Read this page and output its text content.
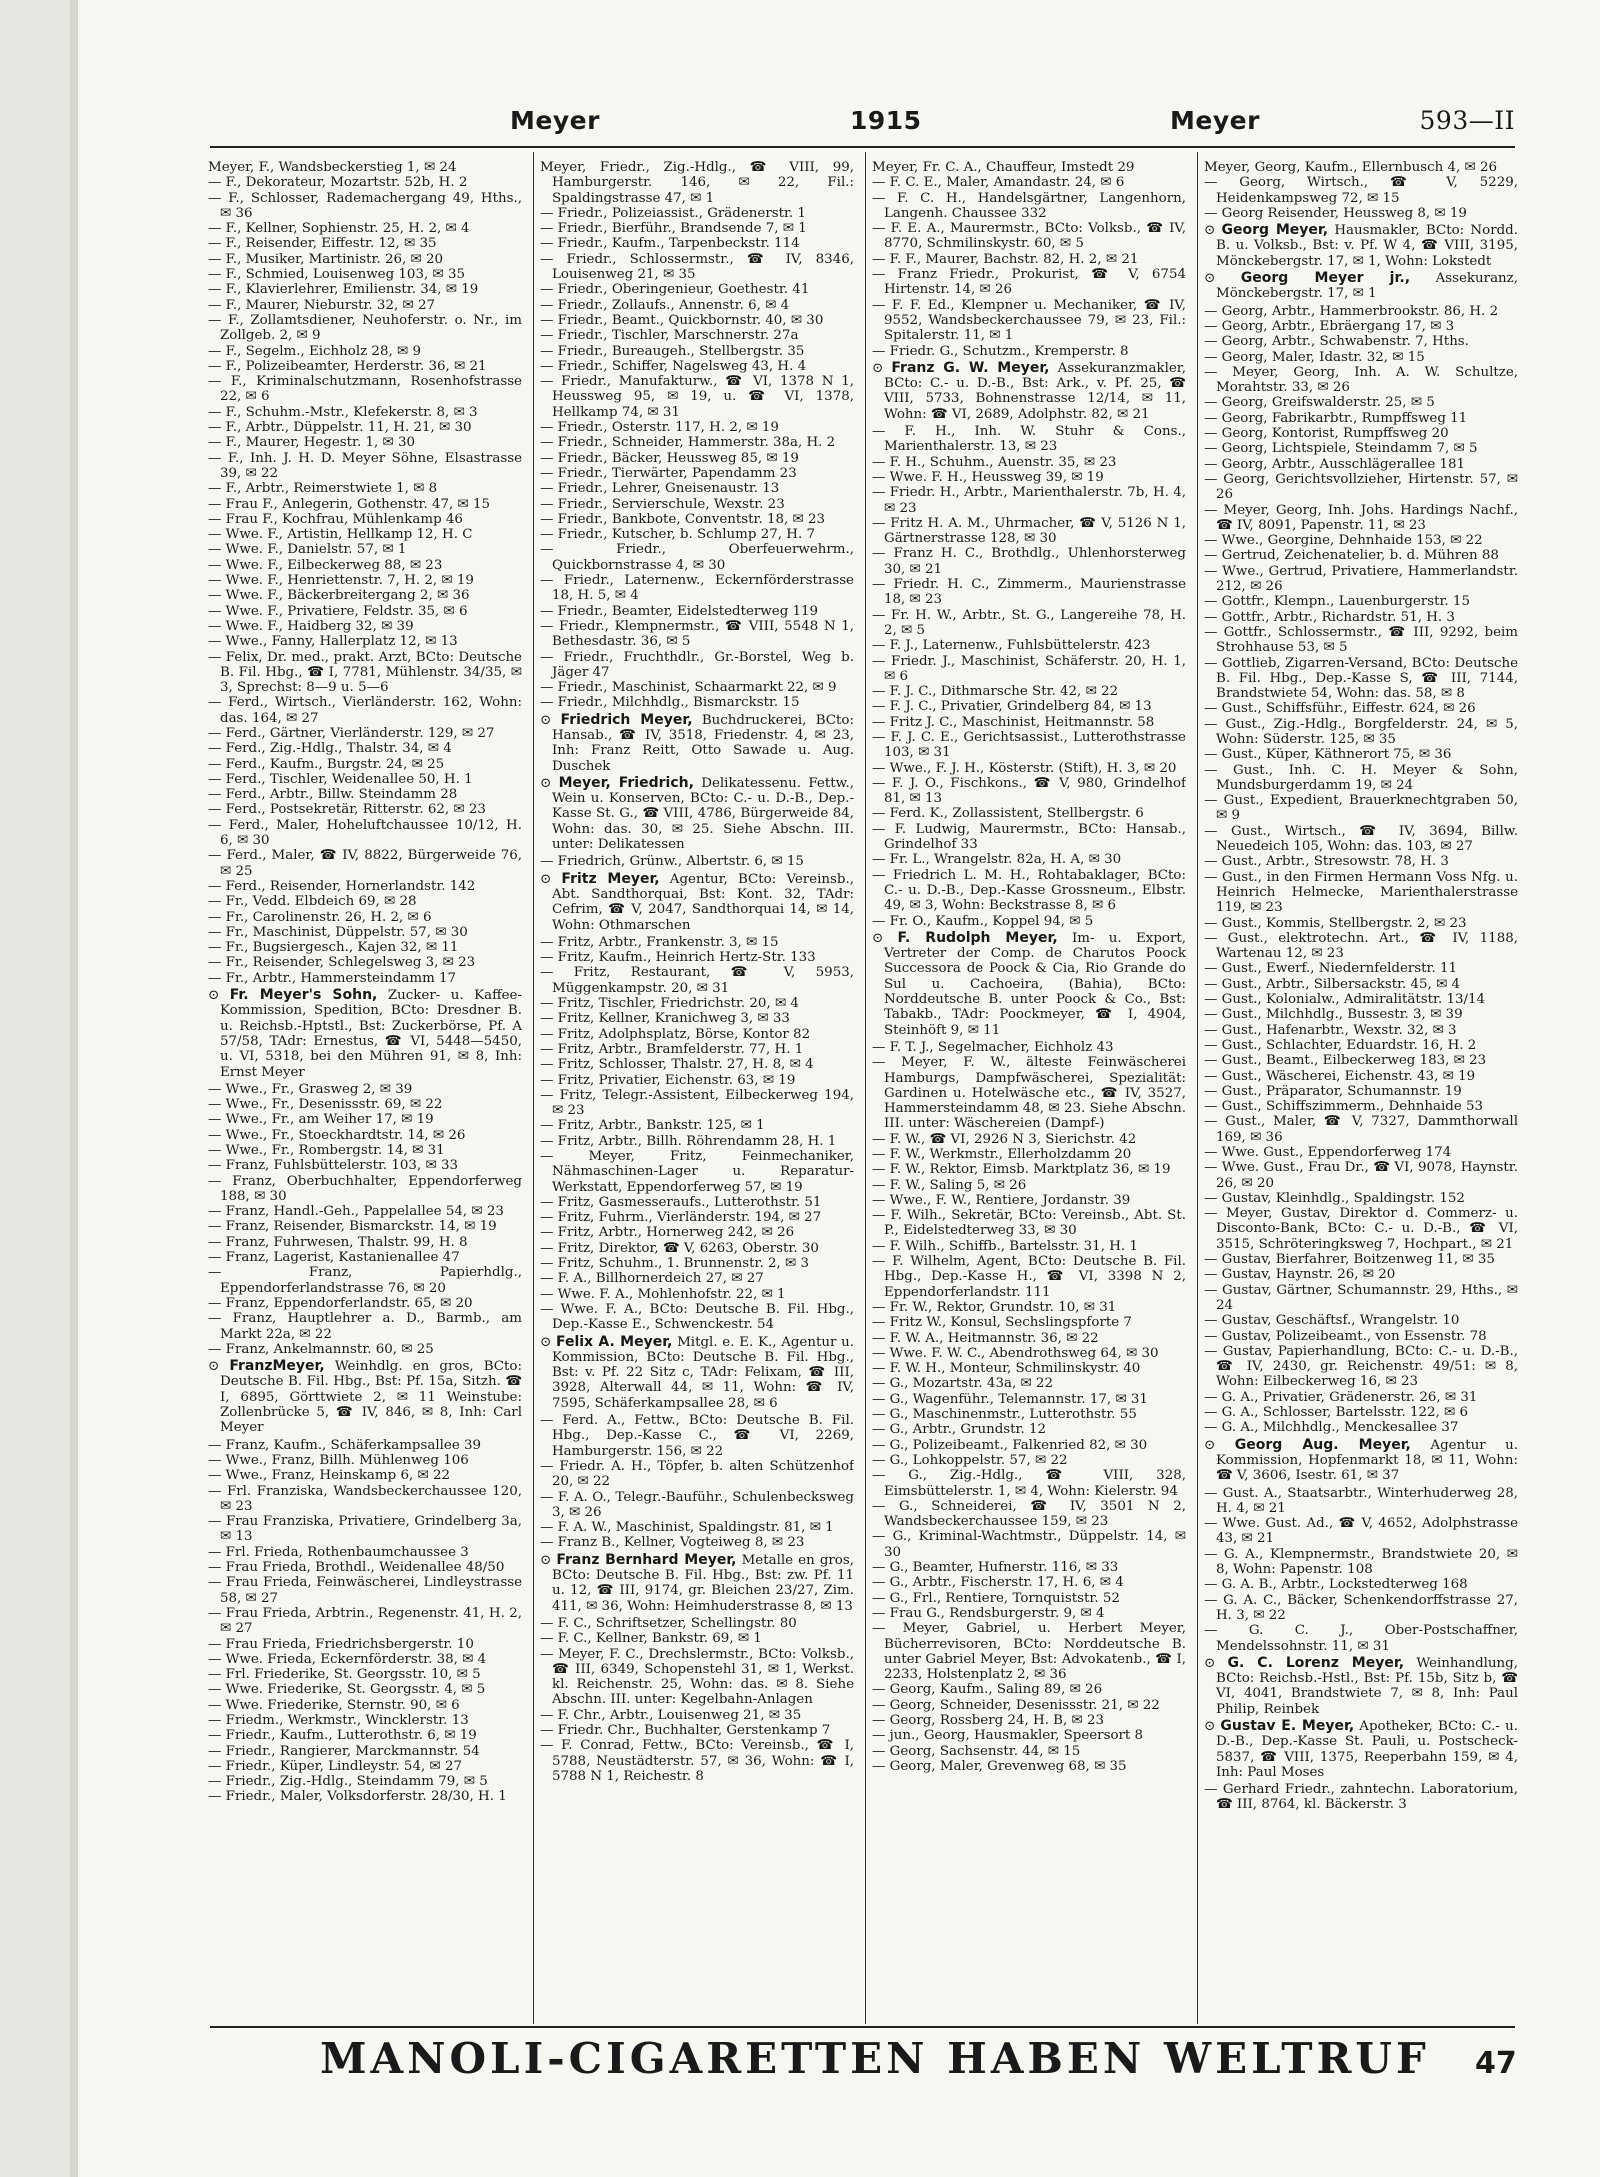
Meyer	1915	Meyer	593—II

Meyer, F., Wandsbeckerstieg 1, ✉ 24

— F., Dekorateur, Mozartstr. 52b, H. 2

— F., Schlosser, Rademachergang 49, Hths., ✉ 36

— F., Kellner, Sophienstr. 25, H. 2, ✉ 4

— F., Reisender, Eiffestr. 12, ✉ 35

— F., Musiker, Martinistr. 26, ✉ 20

— F., Schmied, Louisenweg 103, ✉ 35

— F., Klavierlehrer, Emilienstr. 34, ✉ 19

— F., Maurer, Nieburstr. 32, ✉ 27

— F., Zollamtsdiener, Neuhoferstr. o. Nr., im Zollgeb. 2, ✉ 9

— F., Segelm., Eichholz 28, ✉ 9

— F., Polizeibeamter, Herderstr. 36, ✉ 21

— F., Kriminalschutzmann, Rosenhofstrasse 22, ✉ 6

— F., Schuhm.-Mstr., Klefekerstr. 8, ✉ 3

— F., Arbtr., Düppelstr. 11, H. 21, ✉ 30

— F., Maurer, Hegestr. 1, ✉ 30

— F., Inh. J. H. D. Meyer Söhne, Elsastrasse 39, ✉ 22

— F., Arbtr., Reimerstwiete 1, ✉ 8

— Frau F., Anlegerin, Gothenstr. 47, ✉ 15

— Frau F., Kochfrau, Mühlenkamp 46

— Wwe. F., Artistin, Hellkamp 12, H. C

— Wwe. F., Danielstr. 57, ✉ 1

— Wwe. F., Eilbeckerweg 88, ✉ 23

— Wwe. F., Henriettenstr. 7, H. 2, ✉ 19

— Wwe. F., Bäckerbreitergang 2, ✉ 36

— Wwe. F., Privatiere, Feldstr. 35, ✉ 6

— Wwe. F., Haidberg 32, ✉ 39

— Wwe., Fanny, Hallerplatz 12, ✉ 13

— Felix, Dr. med., prakt. Arzt, BCto: Deutsche B. Fil. Hbg., ☎ I, 7781, Mühlenstr. 34/35, ✉ 3, Sprechst: 8—9 u. 5—6

— Ferd., Wirtsch., Vierländerstr. 162, Wohn: das. 164, ✉ 27

— Ferd., Gärtner, Vierländerstr. 129, ✉ 27

— Ferd., Zig.-Hdlg., Thalstr. 34, ✉ 4

— Ferd., Kaufm., Burgstr. 24, ✉ 25

— Ferd., Tischler, Weidenallee 50, H. 1

— Ferd., Arbtr., Billw. Steindamm 28

— Ferd., Postsekretär, Ritterstr. 62, ✉ 23

— Ferd., Maler, Hoheluftchaussee 10/12, H. 6, ✉ 30

— Ferd., Maler, ☎ IV, 8822, Bürgerweide 76, ✉ 25

— Ferd., Reisender, Hornerlandstr. 142

— Fr., Vedd. Elbdeich 69, ✉ 28

— Fr., Carolinenstr. 26, H. 2, ✉ 6

— Fr., Maschinist, Düppelstr. 57, ✉ 30

— Fr., Bugsiergesch., Kajen 32, ✉ 11

— Fr., Reisender, Schlegelsweg 3, ✉ 23

— Fr., Arbtr., Hammersteindamm 17

⊙ Fr. Meyer's Sohn, Zucker- u. Kaffee-Kommission, Spedition, BCto: Dresdner B. u. Reichsb.-Hptstl., Bst: Zuckerbörse, Pf. A 57/58, TAdr: Ernestus, ☎ VI, 5448—5450, u. VI, 5318, bei den Mühren 91, ✉ 8, Inh: Ernst Meyer

— Wwe., Fr., Grasweg 2, ✉ 39

— Wwe., Fr., Desenissstr. 69, ✉ 22

— Wwe., Fr., am Weiher 17, ✉ 19

— Wwe., Fr., Stoeckhardtstr. 14, ✉ 26

— Wwe., Fr., Rombergstr. 14, ✉ 31

— Franz, Fuhlsbüttelerstr. 103, ✉ 33

— Franz, Oberbuchhalter, Eppendorferweg 188, ✉ 30

— Franz, Handl.-Geh., Pappelallee 54, ✉ 23

— Franz, Reisender, Bismarckstr. 14, ✉ 19

— Franz, Fuhrwesen, Thalstr. 99, H. 8

— Franz, Lagerist, Kastanienallee 47

— Franz, Papierhdlg., Eppendorferlandstrasse 76, ✉ 20

— Franz, Eppendorferlandstr. 65, ✉ 20

— Franz, Hauptlehrer a. D., Barmb., am Markt 22a, ✉ 22

— Franz, Ankelmannstr. 60, ✉ 25

⊙ FranzMeyer, Weinhdlg. en gros, BCto: Deutsche B. Fil. Hbg., Bst: Pf. 15a, Sitzh. ☎ I, 6895, Görttwiete 2, ✉ 11 Weinstube: Zollenbrücke 5, ☎ IV, 846, ✉ 8, Inh: Carl Meyer

— Franz, Kaufm., Schäferkampsallee 39

— Wwe., Franz, Billh. Mühlenweg 106

— Wwe., Franz, Heinskamp 6, ✉ 22

— Frl. Franziska, Wandsbeckerchaussee 120, ✉ 23

— Frau Franziska, Privatiere, Grindelberg 3a, ✉ 13

— Frl. Frieda, Rothenbaumchaussee 3

— Frau Frieda, Brothdl., Weidenallee 48/50

— Frau Frieda, Feinwäscherei, Lindleystrasse 58, ✉ 27

— Frau Frieda, Arbtrin., Regenenstr. 41, H. 2, ✉ 27

— Frau Frieda, Friedrichsbergerstr. 10

— Wwe. Frieda, Eckernförderstr. 38, ✉ 4

— Frl. Friederike, St. Georgsstr. 10, ✉ 5

— Wwe. Friederike, St. Georgsstr. 4, ✉ 5

— Wwe. Friederike, Sternstr. 90, ✉ 6

— Friedm., Werkmstr., Wincklerstr. 13

— Friedr., Kaufm., Lutterothstr. 6, ✉ 19

— Friedr., Rangierer, Marckmannstr. 54

— Friedr., Küper, Lindleystr. 54, ✉ 27

— Friedr., Zig.-Hdlg., Steindamm 79, ✉ 5

— Friedr., Maler, Volksdorferstr. 28/30, H. 1

Meyer, Friedr., Zig.-Hdlg., ☎ VIII, 99, Hamburgerstr. 146, ✉ 22, Fil.: Spaldingstrasse 47, ✉ 1

— Friedr., Polizeiassist., Grädenerstr. 1

— Friedr., Bierführ., Brandsende 7, ✉ 1

— Friedr., Kaufm., Tarpenbeckstr. 114

— Friedr., Schlossermstr., ☎ IV, 8346, Louisenweg 21, ✉ 35

— Friedr., Oberingenieur, Goethestr. 41

— Friedr., Zollaufs., Annenstr. 6, ✉ 4

— Friedr., Beamt., Quickbornstr. 40, ✉ 30

— Friedr., Tischler, Marschnerstr. 27a

— Friedr., Bureaugeh., Stellbergstr. 35

— Friedr., Schiffer, Nagelsweg 43, H. 4

— Friedr., Manufakturw., ☎ VI, 1378 N 1, Heussweg 95, ✉ 19, u. ☎ VI, 1378, Hellkamp 74, ✉ 31

— Friedr., Osterstr. 117, H. 2, ✉ 19

— Friedr., Schneider, Hammerstr. 38a, H. 2

— Friedr., Bäcker, Heussweg 85, ✉ 19

— Friedr., Tierwärter, Papendamm 23

— Friedr., Lehrer, Gneisenaustr. 13

— Friedr., Servierschule, Wexstr. 23

— Friedr., Bankbote, Conventstr. 18, ✉ 23

— Friedr., Kutscher, b. Schlump 27, H. 7

— Friedr., Oberfeuerwehrm., Quickbornstrasse 4, ✉ 30

— Friedr., Laternenw., Eckernförderstrasse 18, H. 5, ✉ 4

— Friedr., Beamter, Eidelstedterweg 119

— Friedr., Klempnermstr., ☎ VIII, 5548 N 1, Bethesdastr. 36, ✉ 5

— Friedr., Fruchthdlr., Gr.-Borstel, Weg b. Jäger 47

— Friedr., Maschinist, Schaarmarkt 22, ✉ 9

— Friedr., Milchhdlg., Bismarckstr. 15

⊙ Friedrich Meyer, Buchdruckerei, BCto: Hansab., ☎ IV, 3518, Friedenstr. 4, ✉ 23, Inh: Franz Reitt, Otto Sawade u. Aug. Duschek

⊙ Meyer, Friedrich, Delikatessenu. Fettw., Wein u. Konserven, BCto: C.- u. D.-B., Dep.-Kasse St. G., ☎ VIII, 4786, Bürgerweide 84, Wohn: das. 30, ✉ 25. Siehe Abschn. III. unter: Delikatessen

— Friedrich, Grünw., Albertstr. 6, ✉ 15

⊙ Fritz Meyer, Agentur, BCto: Vereinsb., Abt. Sandthorquai, Bst: Kont. 32, TAdr: Cefrim, ☎ V, 2047, Sandthorquai 14, ✉ 14, Wohn: Othmarschen

— Fritz, Arbtr., Frankenstr. 3, ✉ 15

— Fritz, Kaufm., Heinrich Hertz-Str. 133

— Fritz, Restaurant, ☎ V, 5953, Müggenkampstr. 20, ✉ 31

— Fritz, Tischler, Friedrichstr. 20, ✉ 4

— Fritz, Kellner, Kranichweg 3, ✉ 33

— Fritz, Adolphsplatz, Börse, Kontor 82

— Fritz, Arbtr., Bramfelderstr. 77, H. 1

— Fritz, Schlosser, Thalstr. 27, H. 8, ✉ 4

— Fritz, Privatier, Eichenstr. 63, ✉ 19

— Fritz, Telegr.-Assistent, Eilbeckerweg 194, ✉ 23

— Fritz, Arbtr., Bankstr. 125, ✉ 1

— Fritz, Arbtr., Billh. Röhrendamm 28, H. 1

— Meyer, Fritz, Feinmechaniker, Nähmaschinen-Lager u. Reparatur-Werkstatt, Eppendorferweg 57, ✉ 19

— Fritz, Gasmesseraufs., Lutterothstr. 51

— Fritz, Fuhrm., Vierländerstr. 194, ✉ 27

— Fritz, Arbtr., Hornerweg 242, ✉ 26

— Fritz, Direktor, ☎ V, 6263, Oberstr. 30

— Fritz, Schuhm., 1. Brunnenstr. 2, ✉ 3

— F. A., Billhornerdeich 27, ✉ 27

— Wwe. F. A., Mohlenhofstr. 22, ✉ 1

— Wwe. F. A., BCto: Deutsche B. Fil. Hbg., Dep.-Kasse E., Schwenckestr. 54

⊙ Felix A. Meyer, Mitgl. e. E. K., Agentur u. Kommission, BCto: Deutsche B. Fil. Hbg., Bst: v. Pf. 22 Sitz c, TAdr: Felixam, ☎ III, 3928, Alterwall 44, ✉ 11, Wohn: ☎ IV, 7595, Schäferkampsallee 28, ✉ 6

— Ferd. A., Fettw., BCto: Deutsche B. Fil. Hbg., Dep.-Kasse C., ☎ VI, 2269, Hamburgerstr. 156, ✉ 22

— Friedr. A. H., Töpfer, b. alten Schützenhof 20, ✉ 22

— F. A. O., Telegr.-Bauführ., Schulenbecksweg 3, ✉ 26

— F. A. W., Maschinist, Spaldingstr. 81, ✉ 1

— Franz B., Kellner, Vogteiweg 8, ✉ 23

⊙ Franz Bernhard Meyer, Metalle en gros, BCto: Deutsche B. Fil. Hbg., Bst: zw. Pf. 11 u. 12, ☎ III, 9174, gr. Bleichen 23/27, Zim. 411, ✉ 36, Wohn: Heimhuderstrasse 8, ✉ 13

— F. C., Schriftsetzer, Schellingstr. 80

— F. C., Kellner, Bankstr. 69, ✉ 1

— Meyer, F. C., Drechslermstr., BCto: Volksb., ☎ III, 6349, Schopenstehl 31, ✉ 1, Werkst. kl. Reichenstr. 25, Wohn: das. ✉ 8. Siehe Abschn. III. unter: Kegelbahn-Anlagen

— F. Chr., Arbtr., Louisenweg 21, ✉ 35

— Friedr. Chr., Buchhalter, Gerstenkamp 7

— F. Conrad, Fettw., BCto: Vereinsb., ☎ I, 5788, Neustädterstr. 57, ✉ 36, Wohn: ☎ I, 5788 N 1, Reichestr. 8

Meyer, Fr. C. A., Chauffeur, Imstedt 29

— F. C. E., Maler, Amandastr. 24, ✉ 6

— F. C. H., Handelsgärtner, Langenhorn, Langenh. Chaussee 332

— F. E. A., Maurermstr., BCto: Volksb., ☎ IV, 8770, Schmilinskystr. 60, ✉ 5

— F. F., Maurer, Bachstr. 82, H. 2, ✉ 21

— Franz Friedr., Prokurist, ☎ V, 6754 Hirtenstr. 14, ✉ 26

— F. F. Ed., Klempner u. Mechaniker, ☎ IV, 9552, Wandsbeckerchaussee 79, ✉ 23, Fil.: Spitalerstr. 11, ✉ 1

— Friedr. G., Schutzm., Kremperstr. 8

⊙ Franz G. W. Meyer, Assekuranzmakler, BCto: C.- u. D.-B., Bst: Ark., v. Pf. 25, ☎ VIII, 5733, Bohnenstrasse 12/14, ✉ 11, Wohn: ☎ VI, 2689, Adolphstr. 82, ✉ 21

— F. H., Inh. W. Stuhr & Cons., Marienthalerstr. 13, ✉ 23

— F. H., Schuhm., Auenstr. 35, ✉ 23

— Wwe. F. H., Heussweg 39, ✉ 19

— Friedr. H., Arbtr., Marienthalerstr. 7b, H. 4, ✉ 23

— Fritz H. A. M., Uhrmacher, ☎ V, 5126 N 1, Gärtnerstrasse 128, ✉ 30

— Franz H. C., Brothdlg., Uhlenhorsterweg 30, ✉ 21

— Friedr. H. C., Zimmerm., Maurienstrasse 18, ✉ 23

— Fr. H. W., Arbtr., St. G., Langereihe 78, H. 2, ✉ 5

— F. J., Laternenw., Fuhlsbüttelerstr. 423

— Friedr. J., Maschinist, Schäferstr. 20, H. 1, ✉ 6

— F. J. C., Dithmarsche Str. 42, ✉ 22

— F. J. C., Privatier, Grindelberg 84, ✉ 13

— Fritz J. C., Maschinist, Heitmannstr. 58

— F. J. C. E., Gerichtsassist., Lutterothstrasse 103, ✉ 31

— Wwe., F. J. H., Kösterstr. (Stift), H. 3, ✉ 20

— F. J. O., Fischkons., ☎ V, 980, Grindelhof 81, ✉ 13

— Ferd. K., Zollassistent, Stellbergstr. 6

— F. Ludwig, Maurermstr., BCto: Hansab., Grindelhof 33

— Fr. L., Wrangelstr. 82a, H. A, ✉ 30

— Friedrich L. M. H., Rohtabaklager, BCto: C.- u. D.-B., Dep.-Kasse Grossneum., Elbstr. 49, ✉ 3, Wohn: Beckstrasse 8, ✉ 6

— Fr. O., Kaufm., Koppel 94, ✉ 5

⊙ F. Rudolph Meyer, Im- u. Export, Vertreter der Comp. de Charutos Poock Successora de Poock & Cia, Rio Grande do Sul u. Cachoeira, (Bahia), BCto: Norddeutsche B. unter Poock & Co., Bst: Tabakb., TAdr: Poockmeyer, ☎ I, 4904, Steinhöft 9, ✉ 11

— F. T. J., Segelmacher, Eichholz 43

— Meyer, F. W., älteste Feinwäscherei Hamburgs, Dampfwäscherei, Spezialität: Gardinen u. Hotelwäsche etc., ☎ IV, 3527, Hammersteindamm 48, ✉ 23. Siehe Abschn. III. unter: Wäschereien (Dampf-)

— F. W., ☎ VI, 2926 N 3, Sierichstr. 42

— F. W., Werkmstr., Ellerholzdamm 20

— F. W., Rektor, Eimsb. Marktplatz 36, ✉ 19

— F. W., Saling 5, ✉ 26

— Wwe., F. W., Rentiere, Jordanstr. 39

— F. Wilh., Sekretär, BCto: Vereinsb., Abt. St. P., Eidelstedterweg 33, ✉ 30

— F. Wilh., Schiffb., Bartelsstr. 31, H. 1

— F. Wilhelm, Agent, BCto: Deutsche B. Fil. Hbg., Dep.-Kasse H., ☎ VI, 3398 N 2, Eppendorferlandstr. 111

— Fr. W., Rektor, Grundstr. 10, ✉ 31

— Fritz W., Konsul, Sechslingspforte 7

— F. W. A., Heitmannstr. 36, ✉ 22

— Wwe. F. W. C., Abendrothsweg 64, ✉ 30

— F. W. H., Monteur, Schmilinskystr. 40

— G., Mozartstr. 43a, ✉ 22

— G., Wagenführ., Telemannstr. 17, ✉ 31

— G., Maschinenmstr., Lutterothstr. 55

— G., Arbtr., Grundstr. 12

— G., Polizeibeamt., Falkenried 82, ✉ 30

— G., Lohkoppelstr. 57, ✉ 22

— G., Zig.-Hdlg., ☎ VIII, 328, Eimsbüttelerstr. 1, ✉ 4, Wohn: Kielerstr. 94

— G., Schneiderei, ☎ IV, 3501 N 2, Wandsbeckerchaussee 159, ✉ 23

— G., Kriminal-Wachtmstr., Düppelstr. 14, ✉ 30

— G., Beamter, Hufnerstr. 116, ✉ 33

— G., Arbtr., Fischerstr. 17, H. 6, ✉ 4

— G., Frl., Rentiere, Tornquiststr. 52

— Frau G., Rendsburgerstr. 9, ✉ 4

— Meyer, Gabriel, u. Herbert Meyer, Bücherrevisoren, BCto: Norddeutsche B. unter Gabriel Meyer, Bst: Advokatenb., ☎ I, 2233, Holstenplatz 2, ✉ 36

— Georg, Kaufm., Saling 89, ✉ 26

— Georg, Schneider, Desenissstr. 21, ✉ 22

— Georg, Rossberg 24, H. B, ✉ 23

— jun., Georg, Hausmakler, Speersort 8

— Georg, Sachsenstr. 44, ✉ 15

— Georg, Maler, Grevenweg 68, ✉ 35

Meyer, Georg, Kaufm., Ellernbusch 4, ✉ 26

— Georg, Wirtsch., ☎ V, 5229, Heidenkampsweg 72, ✉ 15

— Georg Reisender, Heussweg 8, ✉ 19

⊙ Georg Meyer, Hausmakler, BCto: Nordd. B. u. Volksb., Bst: v. Pf. W 4, ☎ VIII, 3195, Mönckebergstr. 17, ✉ 1, Wohn: Lokstedt

⊙ Georg Meyer jr., Assekuranz, Mönckebergstr. 17, ✉ 1

— Georg, Arbtr., Hammerbrookstr. 86, H. 2

— Georg, Arbtr., Ebräergang 17, ✉ 3

— Georg, Arbtr., Schwabenstr. 7, Hths.

— Georg, Maler, Idastr. 32, ✉ 15

— Meyer, Georg, Inh. A. W. Schultze, Morahtstr. 33, ✉ 26

— Georg, Greifswalderstr. 25, ✉ 5

— Georg, Fabrikarbtr., Rumpffsweg 11

— Georg, Kontorist, Rumpffsweg 20

— Georg, Lichtspiele, Steindamm 7, ✉ 5

— Georg, Arbtr., Ausschlägerallee 181

— Georg, Gerichtsvollzieher, Hirtenstr. 57, ✉ 26

— Meyer, Georg, Inh. Johs. Hardings Nachf., ☎ IV, 8091, Papenstr. 11, ✉ 23

— Wwe., Georgine, Dehnhaide 153, ✉ 22

— Gertrud, Zeichenatelier, b. d. Mühren 88

— Wwe., Gertrud, Privatiere, Hammerlandstr. 212, ✉ 26

— Gottfr., Klempn., Lauenburgerstr. 15

— Gottfr., Arbtr., Richardstr. 51, H. 3

— Gottfr., Schlossermstr., ☎ III, 9292, beim Strohhause 53, ✉ 5

— Gottlieb, Zigarren-Versand, BCto: Deutsche B. Fil. Hbg., Dep.-Kasse S, ☎ III, 7144, Brandstwiete 54, Wohn: das. 58, ✉ 8

— Gust., Schiffsführ., Eiffestr. 624, ✉ 26

— Gust., Zig.-Hdlg., Borgfelderstr. 24, ✉ 5, Wohn: Süderstr. 125, ✉ 35

— Gust., Küper, Käthnerort 75, ✉ 36

— Gust., Inh. C. H. Meyer & Sohn, Mundsburgerdamm 19, ✉ 24

— Gust., Expedient, Brauerknechtgraben 50, ✉ 9

— Gust., Wirtsch., ☎ IV, 3694, Billw. Neuedeich 105, Wohn: das. 103, ✉ 27

— Gust., Arbtr., Stresowstr. 78, H. 3

— Gust., in den Firmen Hermann Voss Nfg. u. Heinrich Helmecke, Marienthalerstrasse 119, ✉ 23

— Gust., Kommis, Stellbergstr. 2, ✉ 23

— Gust., elektrotechn. Art., ☎ IV, 1188, Wartenau 12, ✉ 23

— Gust., Ewerf., Niedernfelderstr. 11

— Gust., Arbtr., Silbersackstr. 45, ✉ 4

— Gust., Kolonialw., Admiralitätstr. 13/14

— Gust., Milchhdlg., Bussestr. 3, ✉ 39

— Gust., Hafenarbtr., Wexstr. 32, ✉ 3

— Gust., Schlachter, Eduardstr. 16, H. 2

— Gust., Beamt., Eilbeckerweg 183, ✉ 23

— Gust., Wäscherei, Eichenstr. 43, ✉ 19

— Gust., Präparator, Schumannstr. 19

— Gust., Schiffszimmerm., Dehnhaide 53

— Gust., Maler, ☎ V, 7327, Dammthorwall 169, ✉ 36

— Wwe. Gust., Eppendorferweg 174

— Wwe. Gust., Frau Dr., ☎ VI, 9078, Haynstr. 26, ✉ 20

— Gustav, Kleinhdlg., Spaldingstr. 152

— Meyer, Gustav, Direktor d. Commerz- u. Disconto-Bank, BCto: C.- u. D.-B., ☎ VI, 3515, Schröteringksweg 7, Hochpart., ✉ 21

— Gustav, Bierfahrer, Boitzenweg 11, ✉ 35

— Gustav, Haynstr. 26, ✉ 20

— Gustav, Gärtner, Schumannstr. 29, Hths., ✉ 24

— Gustav, Geschäftsf., Wrangelstr. 10

— Gustav, Polizeibeamt., von Essenstr. 78

— Gustav, Papierhandlung, BCto: C.- u. D.-B., ☎ IV, 2430, gr. Reichenstr. 49/51: ✉ 8, Wohn: Eilbeckerweg 16, ✉ 23

— G. A., Privatier, Grädenerstr. 26, ✉ 31

— G. A., Schlosser, Bartelsstr. 122, ✉ 6

— G. A., Milchhdlg., Menckesallee 37

⊙ Georg Aug. Meyer, Agentur u. Kommission, Hopfenmarkt 18, ✉ 11, Wohn: ☎ V, 3606, Isestr. 61, ✉ 37

— Gust. A., Staatsarbtr., Winterhuderweg 28, H. 4, ✉ 21

— Wwe. Gust. Ad., ☎ V, 4652, Adolphstrasse 43, ✉ 21

— G. A., Klempnermstr., Brandstwiete 20, ✉ 8, Wohn: Papenstr. 108

— G. A. B., Arbtr., Lockstedterweg 168

— G. A. C., Bäcker, Schenkendorffstrasse 27, H. 3, ✉ 22

— G. C. J., Ober-Postschaffner, Mendelssohnstr. 11, ✉ 31

⊙ G. C. Lorenz Meyer, Weinhandlung, BCto: Reichsb.-Hstl., Bst: Pf. 15b, Sitz b, ☎ VI, 4041, Brandstwiete 7, ✉ 8, Inh: Paul Philip, Reinbek

⊙ Gustav E. Meyer, Apotheker, BCto: C.- u. D.-B., Dep.-Kasse St. Pauli, u. Postscheck-5837, ☎ VIII, 1375, Reeperbahn 159, ✉ 4, Inh: Paul Moses

— Gerhard Friedr., zahntechn. Laboratorium, ☎ III, 8764, kl. Bäckerstr. 3

MANOLI-CIGARETTEN HABEN WELTRUF	47
